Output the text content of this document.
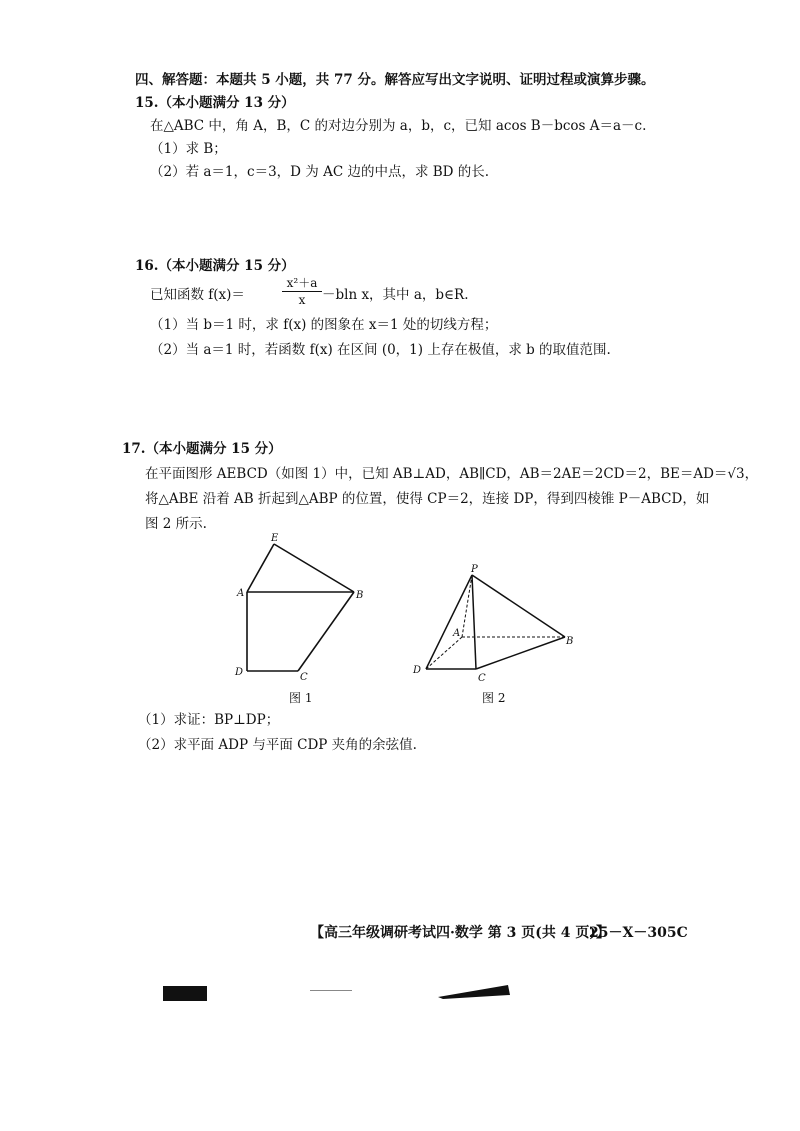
四、解答题：本题共 5 小题，共 77 分。解答应写出文字说明、证明过程或演算步骤。
15.（本小题满分 13 分）
在△ABC 中，角 A，B，C 的对边分别为 a，b，c，已知 acos B－bcos A＝a－c.
（1）求 B；
（2）若 a＝1，c＝3，D 为 AC 边的中点，求 BD 的长.
16.（本小题满分 15 分）
已知函数 f(x)＝
x²＋a
x	－bln x，其中 a，b∈R.
（1）当 b＝1 时，求 f(x) 的图象在 x＝1 处的切线方程；
（2）当 a＝1 时，若函数 f(x) 在区间 (0，1) 上存在极值，求 b 的取值范围.
17.（本小题满分 15 分）
在平面图形 AEBCD（如图 1）中，已知 AB⊥AD，AB∥CD，AB＝2AE＝2CD＝2，BE＝AD＝√3，
将△ABE 沿着 AB 折起到△ABP 的位置，使得 CP＝2，连接 DP，得到四棱锥 P－ABCD，如
图 2 所示.
E
A	B
D	C
图 1
P
A
B
D
C
图 2
（1）求证：BP⊥DP；
（2）求平面 ADP 与平面 CDP 夹角的余弦值.
【高三年级调研考试四·数学 第 3 页(共 4 页)】
25－X－305C
